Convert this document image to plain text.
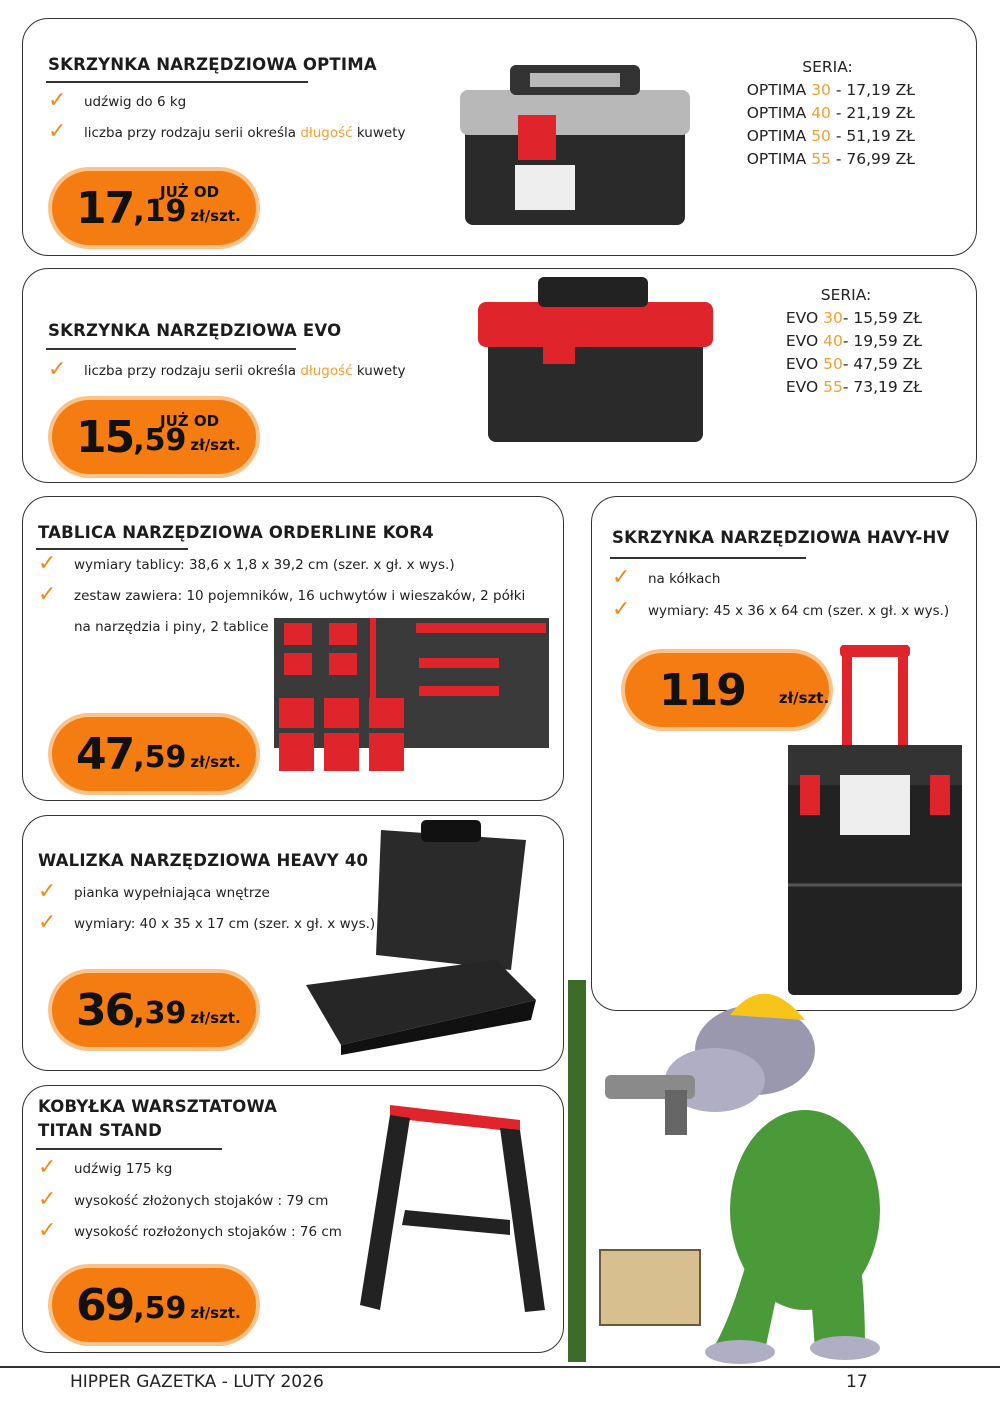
SKRZYNKA NARZĘDZIOWA OPTIMA
✓	udźwig do 6 kg
✓	liczba przy rodzaju serii określa długość kuwety
17 ,19 zł/szt.
JUŻ OD
SERIA:
OPTIMA 30 - 17,19 ZŁ
OPTIMA 40 - 21,19 ZŁ
OPTIMA 50 - 51,19 ZŁ
OPTIMA 55 - 76,99 ZŁ
SKRZYNKA NARZĘDZIOWA EVO
✓	liczba przy rodzaju serii określa długość kuwety
15 ,59 zł/szt.
JUŻ OD
SERIA:
EVO 30- 15,59 ZŁ
EVO 40- 19,59 ZŁ
EVO 50- 47,59 ZŁ
EVO 55- 73,19 ZŁ
TABLICA NARZĘDZIOWA ORDERLINE KOR4
✓	wymiary tablicy: 38,6 x 1,8 x 39,2 cm (szer. x gł. x wys.)
✓	zestaw zawiera: 10 pojemników, 16 uchwytów i wieszaków, 2 półki
na narzędzia i piny, 2 tablice
47 ,59 zł/szt.
SKRZYNKA NARZĘDZIOWA HAVY-HV
✓	na kółkach
✓	wymiary: 45 x 36 x 64 cm (szer. x gł. x wys.)
119 zł/szt.
WALIZKA NARZĘDZIOWA HEAVY 40
✓	pianka wypełniająca wnętrze
✓	wymiary: 40 x 35 x 17 cm (szer. x gł. x wys.)
36 ,39 zł/szt.
KOBYŁKA WARSZTATOWA
TITAN STAND
✓	udźwig 175 kg
✓	wysokość złożonych stojaków : 79 cm
✓	wysokość rozłożonych stojaków : 76 cm
69 ,59 zł/szt.
HIPPER GAZETKA - LUTY 2026	17
